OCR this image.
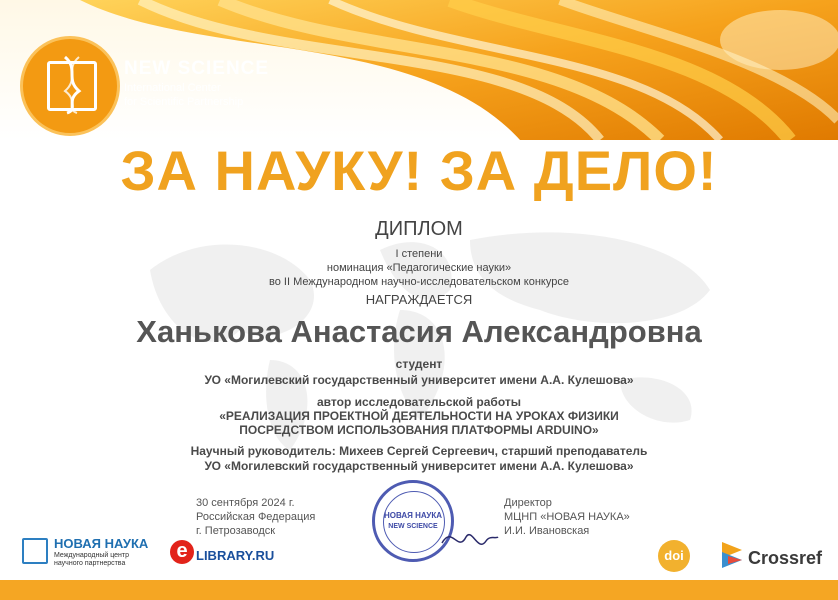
NEW SCIENCE
International Center
for Scientific Partnership
ЗА НАУКУ! ЗА ДЕЛО!
ДИПЛОМ
I степени
номинация «Педагогические науки»
во II Международном научно-исследовательском конкурсе
НАГРАЖДАЕТСЯ
Ханькова Анастасия Александровна
студент
УО «Могилевский государственный университет имени А.А. Кулешова»
автор исследовательской работы
«РЕАЛИЗАЦИЯ ПРОЕКТНОЙ ДЕЯТЕЛЬНОСТИ НА УРОКАХ ФИЗИКИ
ПОСРЕДСТВОМ ИСПОЛЬЗОВАНИЯ ПЛАТФОРМЫ ARDUINO»
Научный руководитель: Михеев Сергей Сергеевич, старший преподаватель
УО «Могилевский государственный университет имени А.А. Кулешова»
30 сентября 2024 г.
Российская Федерация
г. Петрозаводск
Директор
МЦНП «НОВАЯ НАУКА»
И.И. Ивановская
НОВАЯ НАУКА
NEW SCIENCE
НОВАЯ НАУКА
Международный центр
научного партнерства
e LIBRARY.RU	doi	Crossref
